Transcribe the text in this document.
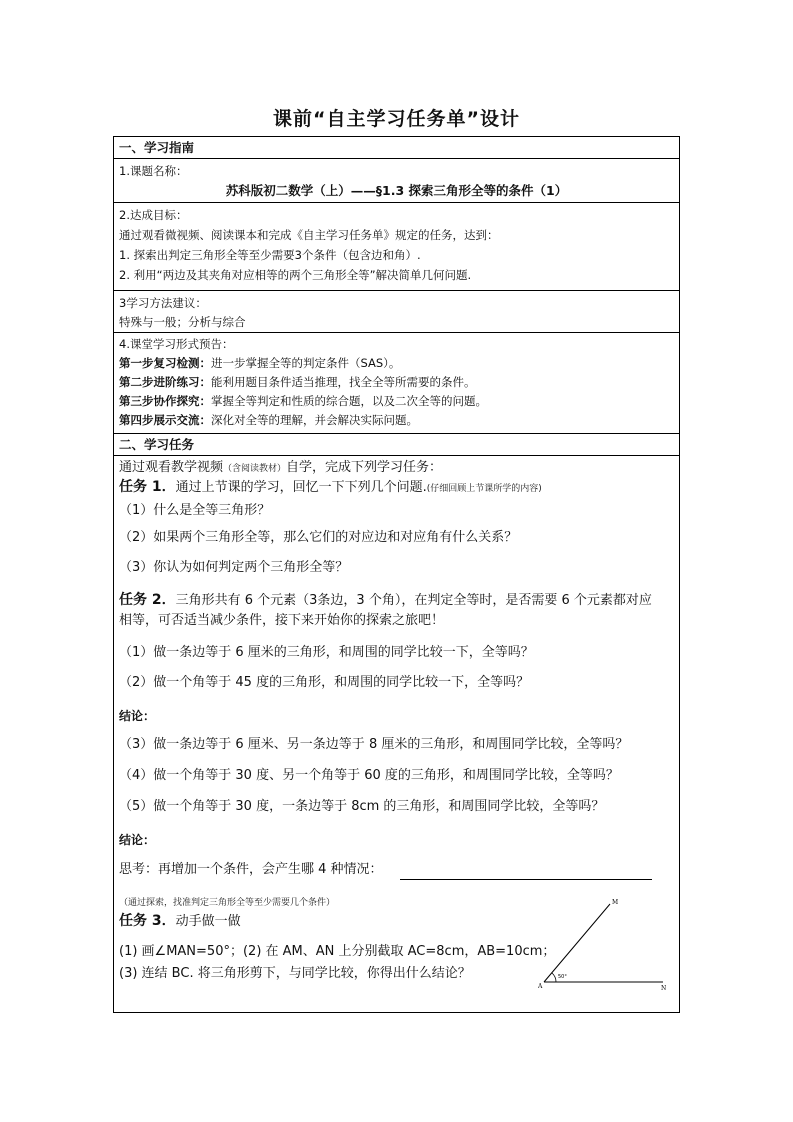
课前“自主学习任务单”设计
一、学习指南
1.课题名称：
苏科版初二数学（上）——§1.3 探索三角形全等的条件（1）
2.达成目标：
通过观看微视频、阅读课本和完成《自主学习任务单》规定的任务，达到：
1. 探索出判定三角形全等至少需要3个条件（包含边和角）.
2. 利用“两边及其夹角对应相等的两个三角形全等”解决简单几何问题.
3学习方法建议：
特殊与一般；分析与综合
4.课堂学习形式预告：
第一步复习检测：进一步掌握全等的判定条件（SAS）。
第二步进阶练习：能利用题目条件适当推理，找全全等所需要的条件。
第三步协作探究：掌握全等判定和性质的综合题，以及二次全等的问题。
第四步展示交流：深化对全等的理解，并会解决实际问题。
二、学习任务
通过观看教学视频（含阅读教材）自学，完成下列学习任务：
任务 1．通过上节课的学习，回忆一下下列几个问题.(仔细回顾上节课所学的内容)
（1）什么是全等三角形？
（2）如果两个三角形全等，那么它们的对应边和对应角有什么关系？
（3）你认为如何判定两个三角形全等？
任务 2．三角形共有 6 个元素（3条边，3 个角），在判定全等时，是否需要 6 个元素都对应
相等，可否适当减少条件，接下来开始你的探索之旅吧！
（1）做一条边等于 6 厘米的三角形，和周围的同学比较一下，全等吗？
（2）做一个角等于 45 度的三角形，和周围的同学比较一下，全等吗？
结论：
（3）做一条边等于 6 厘米、另一条边等于 8 厘米的三角形，和周围同学比较，全等吗？
（4）做一个角等于 30 度、另一个角等于 60 度的三角形，和周围同学比较，全等吗？
（5）做一个角等于 30 度，一条边等于 8cm 的三角形，和周围同学比较，全等吗？
结论：
思考：再增加一个条件，会产生哪 4 种情况：
（通过探索，找准判定三角形全等至少需要几个条件）
任务 3．动手做一做
(1) 画∠MAN=50°；(2) 在 AM、AN 上分别截取 AC=8cm，AB=10cm；
(3) 连结 BC. 将三角形剪下，与同学比较，你得出什么结论？
M
A	N
50°
